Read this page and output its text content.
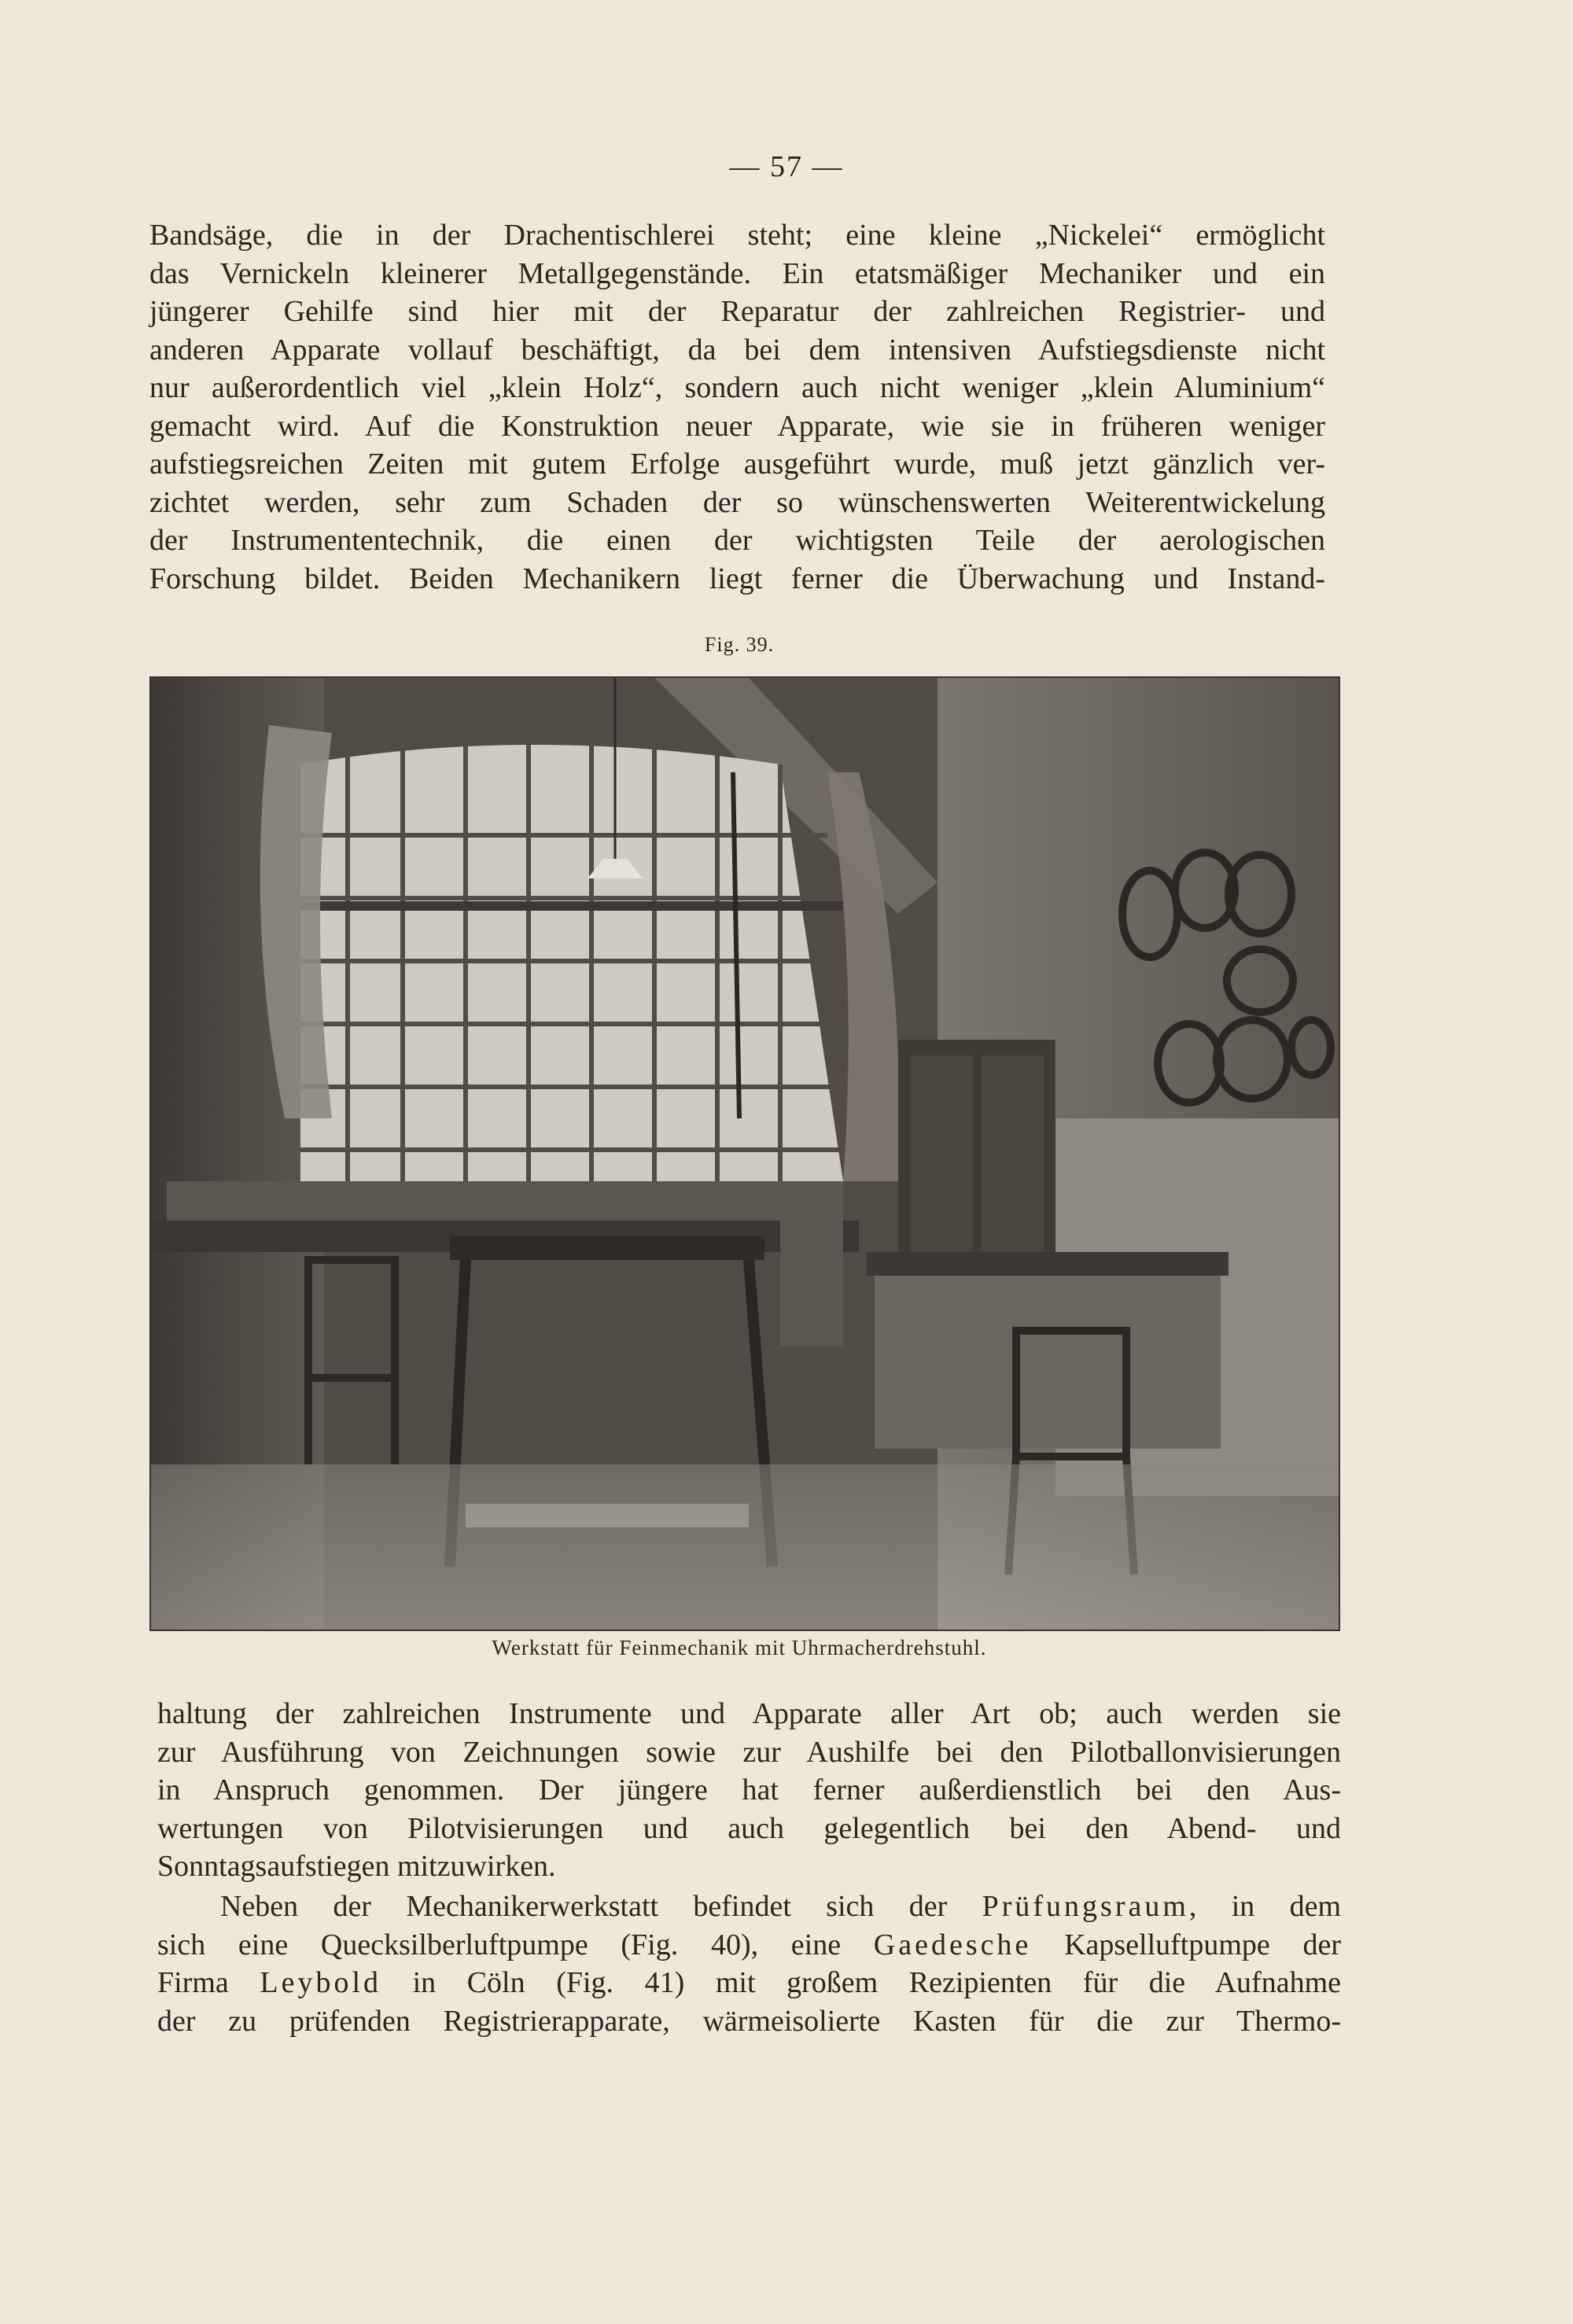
— 57 —

Bandsäge, die in der Drachentischlerei steht; eine kleine „Nickelei“ ermöglicht
das Vernickeln kleinerer Metallgegenstände. Ein etatsmäßiger Mechaniker und ein
jüngerer Gehilfe sind hier mit der Reparatur der zahlreichen Registrier- und
anderen Apparate vollauf beschäftigt, da bei dem intensiven Aufstiegsdienste nicht
nur außerordentlich viel „klein Holz“, sondern auch nicht weniger „klein Aluminium“
gemacht wird. Auf die Konstruktion neuer Apparate, wie sie in früheren weniger
aufstiegsreichen Zeiten mit gutem Erfolge ausgeführt wurde, muß jetzt gänzlich ver-
zichtet werden, sehr zum Schaden der so wünschenswerten Weiterentwickelung
der Instrumententechnik, die einen der wichtigsten Teile der aerologischen
Forschung bildet. Beiden Mechanikern liegt ferner die Überwachung und Instand-

Fig. 39.
Werkstatt für Feinmechanik mit Uhrmacherdrehstuhl.

haltung der zahlreichen Instrumente und Apparate aller Art ob; auch werden sie
zur Ausführung von Zeichnungen sowie zur Aushilfe bei den Pilotballonvisierungen
in Anspruch genommen. Der jüngere hat ferner außerdienstlich bei den Aus-
wertungen von Pilotvisierungen und auch gelegentlich bei den Abend- und
Sonntagsaufstiegen mitzuwirken.

Neben der Mechanikerwerkstatt befindet sich der Prüfungsraum, in dem
sich eine Quecksilberluftpumpe (Fig. 40), eine Gaedesche Kapselluftpumpe der
Firma Leybold in Cöln (Fig. 41) mit großem Rezipienten für die Aufnahme
der zu prüfenden Registrierapparate, wärmeisolierte Kasten für die zur Thermo-
